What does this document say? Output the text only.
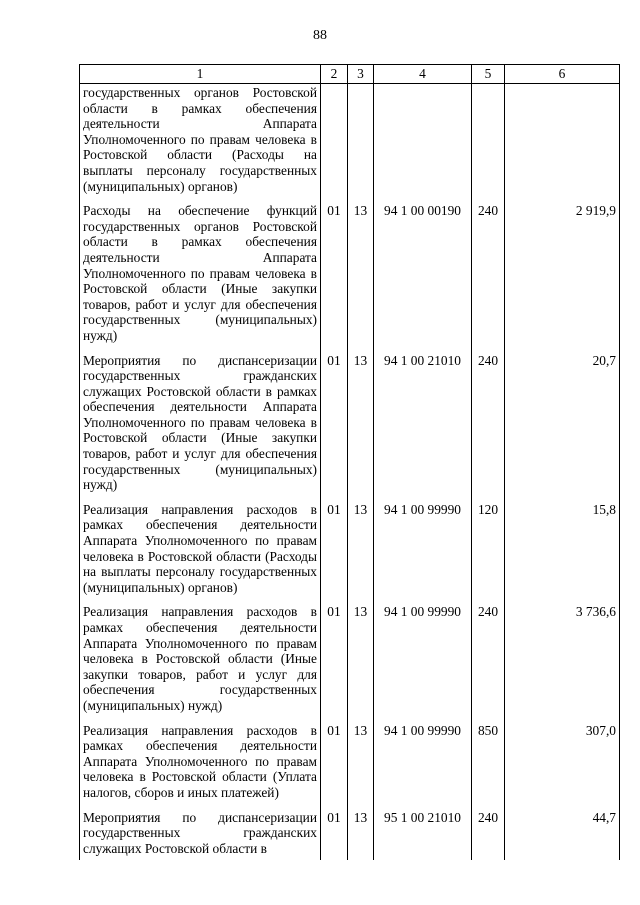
88
1	2	3	4	5	6
государственных органов Ростовской области в рамках обеспечения деятельности Аппарата Уполномоченного по правам человека в Ростовской области (Расходы на выплаты персоналу государственных (муниципальных) органов)					
Расходы на обеспечение функций государственных органов Ростовской области в рамках обеспечения деятельности Аппарата Уполномоченного по правам человека в Ростовской области (Иные закупки товаров, работ и услуг для обеспечения государственных (муниципальных) нужд)	01	13	94 1 00 00190	240	2 919,9
Мероприятия по диспансеризации государственных гражданских служащих Ростовской области в рамках обеспечения деятельности Аппарата Уполномоченного по правам человека в Ростовской области (Иные закупки товаров, работ и услуг для обеспечения государственных (муниципальных) нужд)	01	13	94 1 00 21010	240	20,7
Реализация направления расходов в рамках обеспечения деятельности Аппарата Уполномоченного по правам человека в Ростовской области (Расходы на выплаты персоналу государственных (муниципальных) органов)	01	13	94 1 00 99990	120	15,8
Реализация направления расходов в рамках обеспечения деятельности Аппарата Уполномоченного по правам человека в Ростовской области (Иные закупки товаров, работ и услуг для обеспечения государственных (муниципальных) нужд)	01	13	94 1 00 99990	240	3 736,6
Реализация направления расходов в рамках обеспечения деятельности Аппарата Уполномоченного по правам человека в Ростовской области (Уплата налогов, сборов и иных платежей)	01	13	94 1 00 99990	850	307,0
Мероприятия по диспансеризации государственных гражданских служащих Ростовской области в	01	13	95 1 00 21010	240	44,7
